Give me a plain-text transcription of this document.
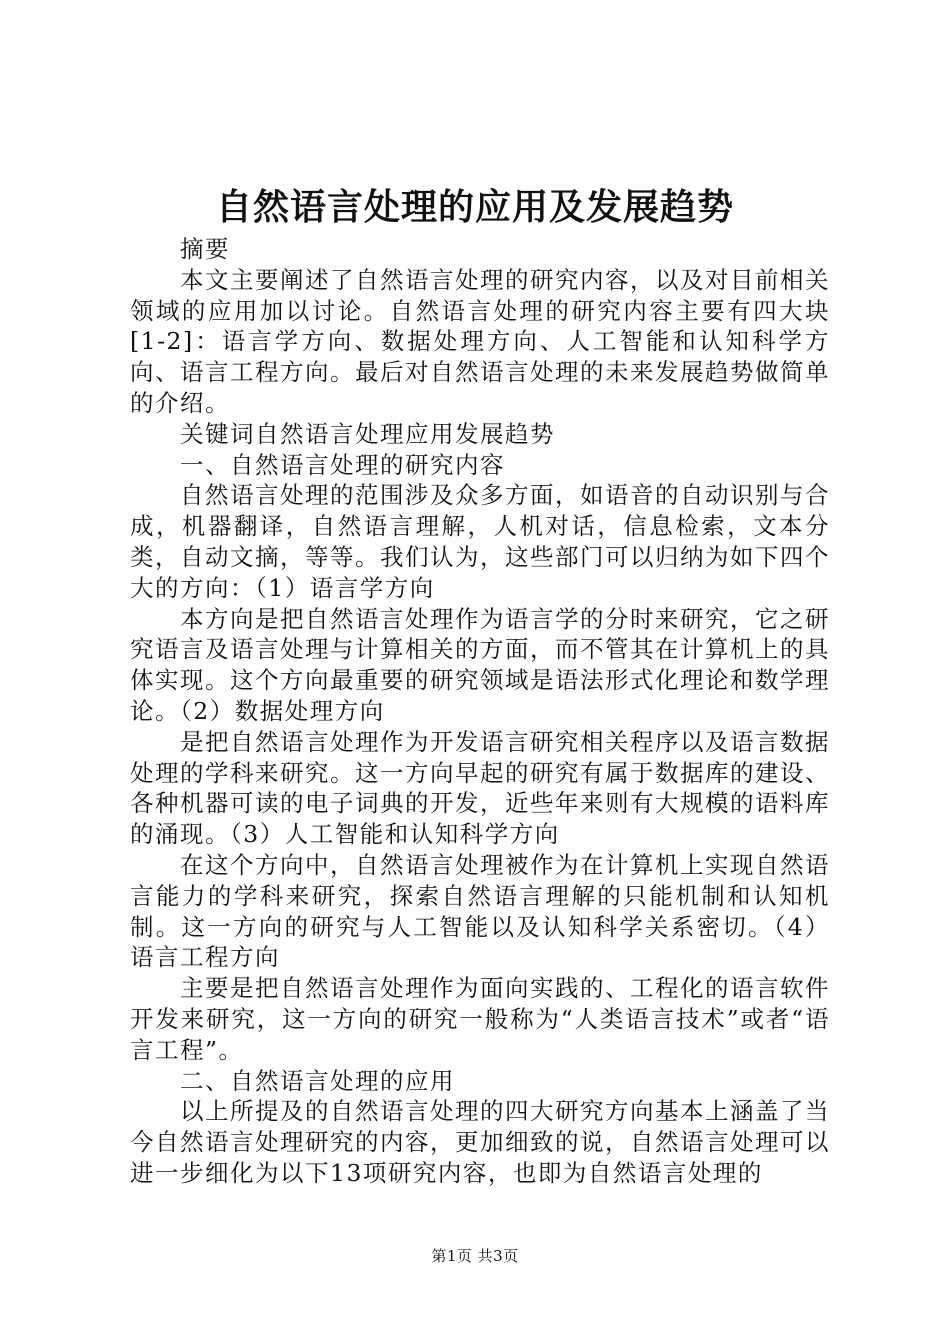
自然语言处理的应用及发展趋势

摘要

本文主要阐述了自然语言处理的研究内容，以及对目前相关领域的应用加以讨论。自然语言处理的研究内容主要有四大块[1-2]：语言学方向、数据处理方向、人工智能和认知科学方向、语言工程方向。最后对自然语言处理的未来发展趋势做简单的介绍。

关键词自然语言处理应用发展趋势

一、自然语言处理的研究内容

自然语言处理的范围涉及众多方面，如语音的自动识别与合成，机器翻译，自然语言理解，人机对话，信息检索，文本分类，自动文摘，等等。我们认为，这些部门可以归纳为如下四个大的方向：（1）语言学方向

本方向是把自然语言处理作为语言学的分时来研究，它之研究语言及语言处理与计算相关的方面，而不管其在计算机上的具体实现。这个方向最重要的研究领域是语法形式化理论和数学理论。（2）数据处理方向

是把自然语言处理作为开发语言研究相关程序以及语言数据处理的学科来研究。这一方向早起的研究有属于数据库的建设、各种机器可读的电子词典的开发，近些年来则有大规模的语料库的涌现。（3）人工智能和认知科学方向

在这个方向中，自然语言处理被作为在计算机上实现自然语言能力的学科来研究，探索自然语言理解的只能机制和认知机制。这一方向的研究与人工智能以及认知科学关系密切。（4）语言工程方向

主要是把自然语言处理作为面向实践的、工程化的语言软件开发来研究，这一方向的研究一般称为“人类语言技术”或者“语言工程”。

二、自然语言处理的应用

以上所提及的自然语言处理的四大研究方向基本上涵盖了当今自然语言处理研究的内容，更加细致的说，自然语言处理可以进一步细化为以下13项研究内容，也即为自然语言处理的

第1页 共3页
